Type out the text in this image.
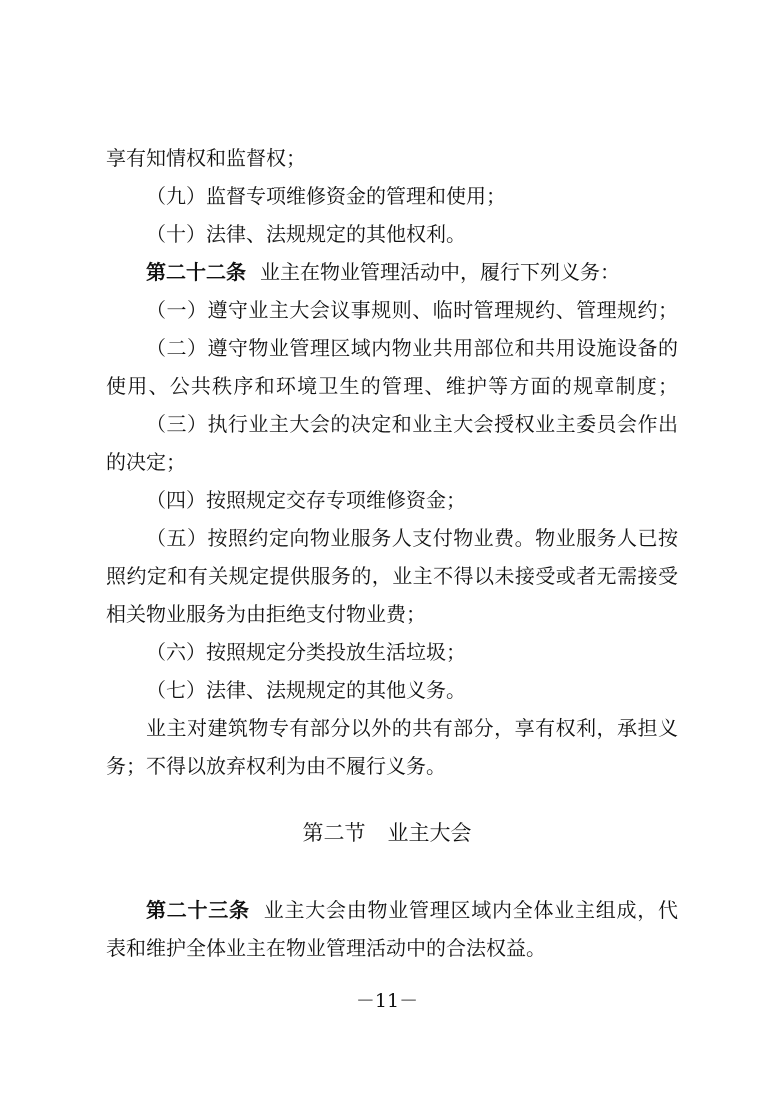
享有知情权和监督权；
（九）监督专项维修资金的管理和使用；
（十）法律、法规规定的其他权利。
第二十二条 业主在物业管理活动中，履行下列义务：
（一）遵守业主大会议事规则、临时管理规约、管理规约；
（二）遵守物业管理区域内物业共用部位和共用设施设备的
使用、公共秩序和环境卫生的管理、维护等方面的规章制度；
（三）执行业主大会的决定和业主大会授权业主委员会作出
的决定；
（四）按照规定交存专项维修资金；
（五）按照约定向物业服务人支付物业费。物业服务人已按
照约定和有关规定提供服务的，业主不得以未接受或者无需接受
相关物业服务为由拒绝支付物业费；
（六）按照规定分类投放生活垃圾；
（七）法律、法规规定的其他义务。
业主对建筑物专有部分以外的共有部分，享有权利，承担义
务；不得以放弃权利为由不履行义务。
第二节 业主大会
第二十三条 业主大会由物业管理区域内全体业主组成，代
表和维护全体业主在物业管理活动中的合法权益。
－11－
